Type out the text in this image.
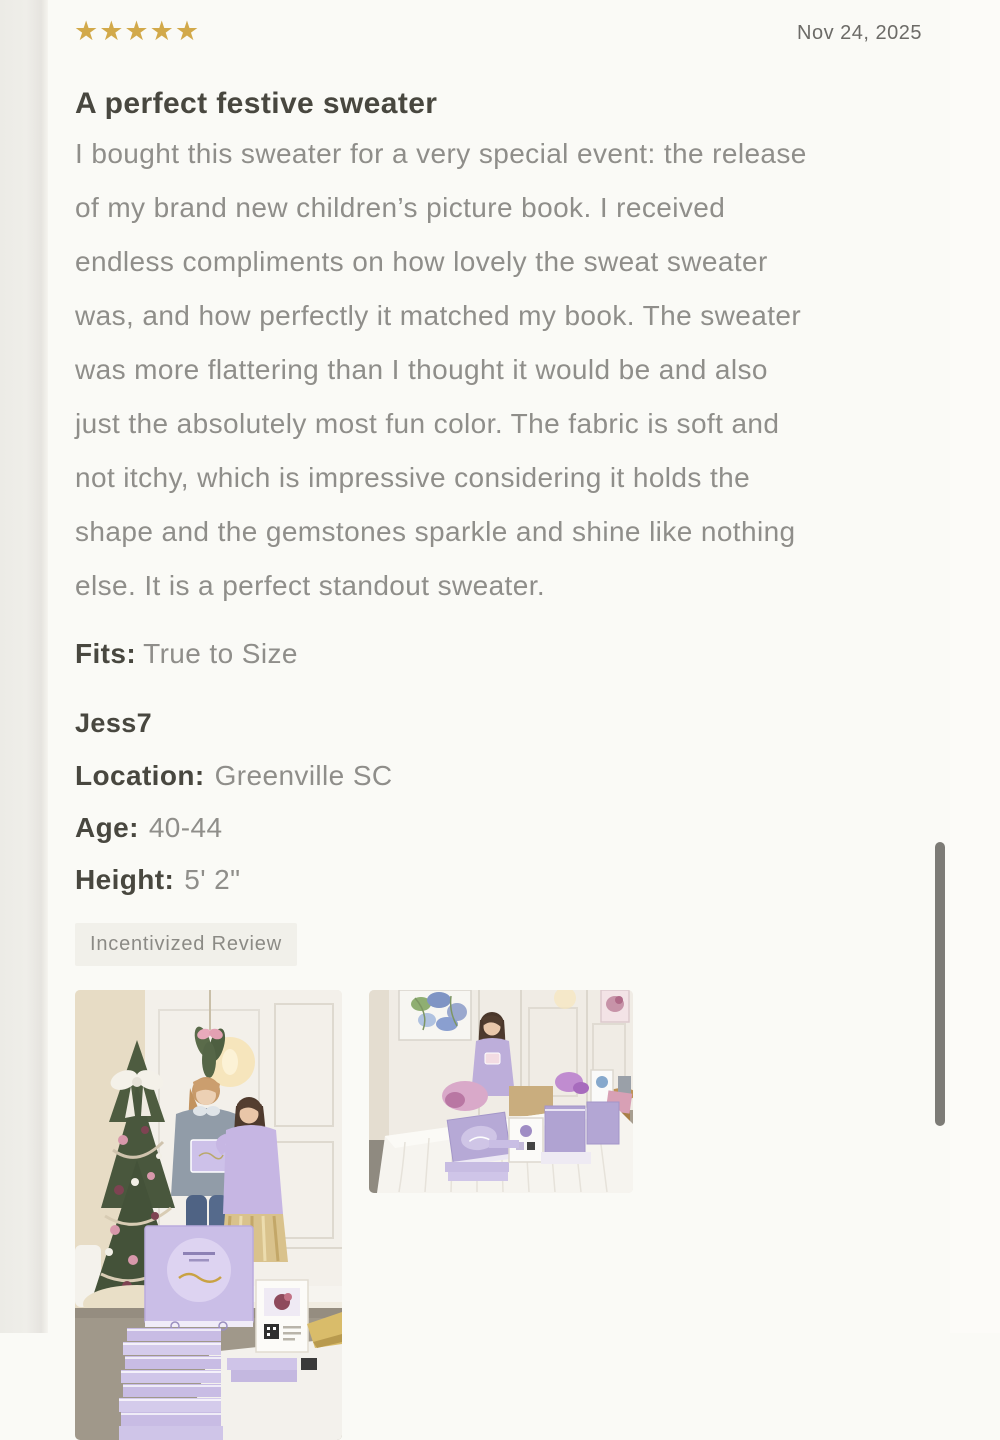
★★★★★	Nov 24, 2025
A perfect festive sweater
I bought this sweater for a very special event: the release
of my brand new children’s picture book. I received
endless compliments on how lovely the sweat sweater
was, and how perfectly it matched my book. The sweater
was more flattering than I thought it would be and also
just the absolutely most fun color. The fabric is soft and
not itchy, which is impressive considering it holds the
shape and the gemstones sparkle and shine like nothing
else. It is a perfect standout sweater.
Fits: True to Size
Jess7
Location: Greenville SC
Age: 40-44
Height: 5' 2"
Incentivized Review
